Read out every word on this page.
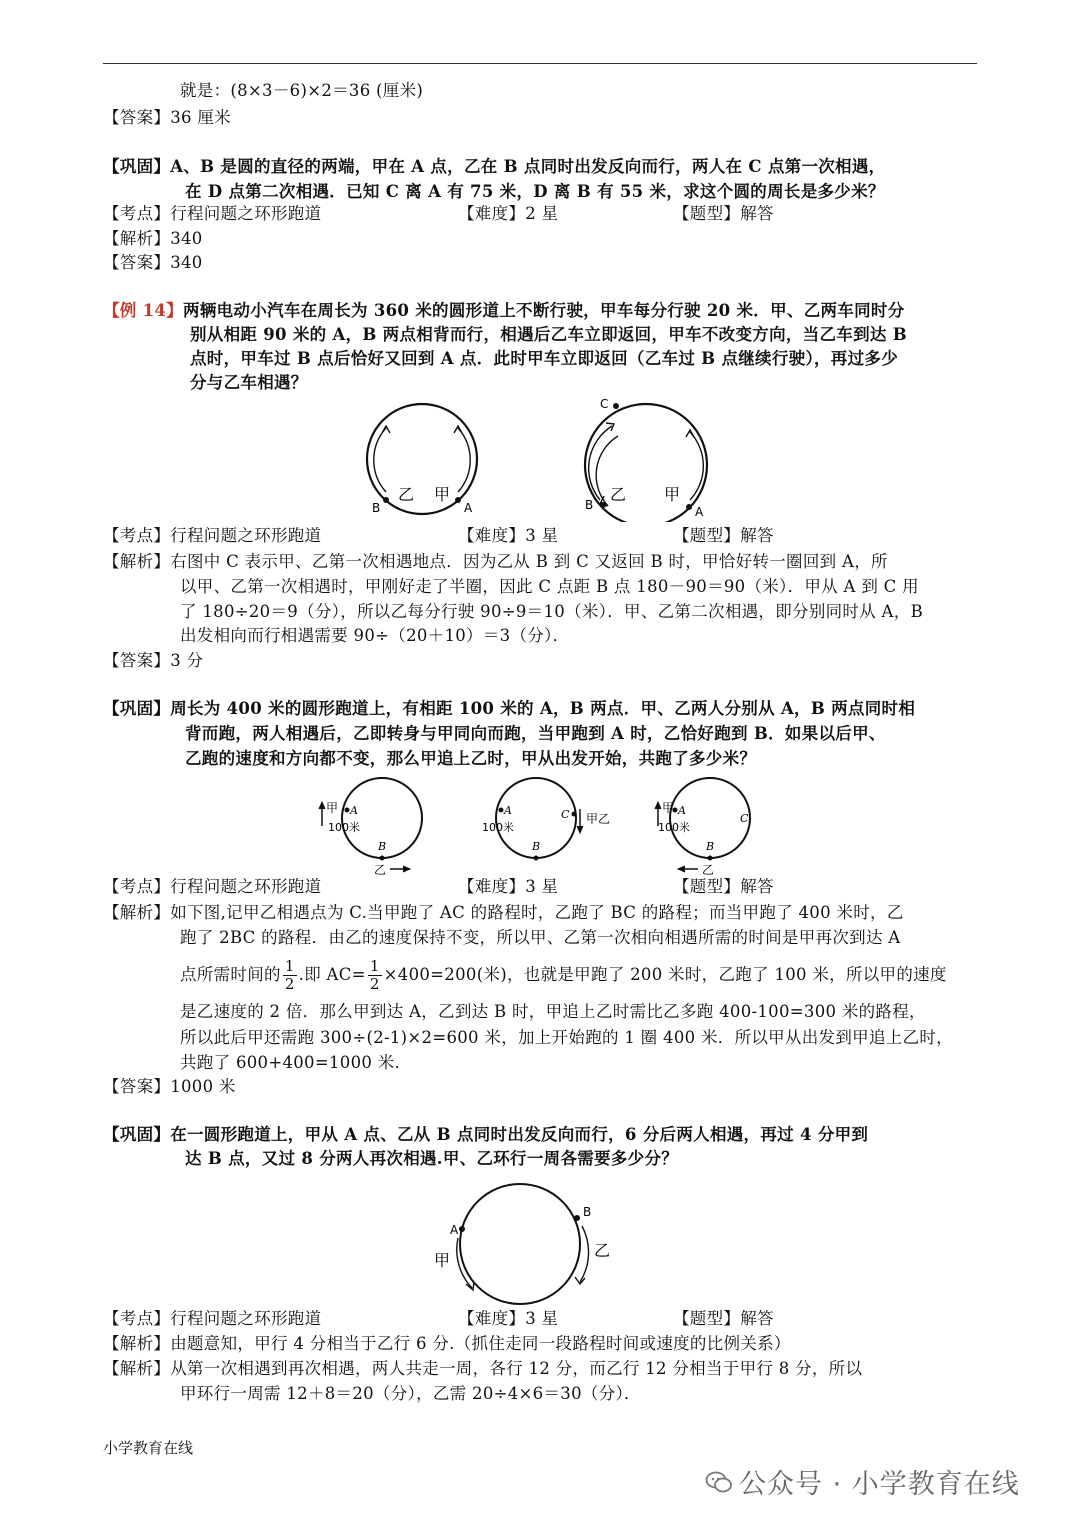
就是：(8×3－6)×2＝36 (厘米)
【答案】36 厘米
【巩固】A、B 是圆的直径的两端，甲在 A 点，乙在 B 点同时出发反向而行，两人在 C 点第一次相遇，
在 D 点第二次相遇．已知 C 离 A 有 75 米，D 离 B 有 55 米，求这个圆的周长是多少米？
【考点】行程问题之环形跑道	【难度】2 星	【题型】解答
【解析】340
【答案】340
【例 14】两辆电动小汽车在周长为 360 米的圆形道上不断行驶，甲车每分行驶 20 米．甲、乙两车同时分
别从相距 90 米的 A，B 两点相背而行，相遇后乙车立即返回，甲车不改变方向，当乙车到达 B
点时，甲车过 B 点后恰好又回到 A 点．此时甲车立即返回（乙车过 B 点继续行驶），再过多少
分与乙车相遇？
B	A
乙 甲
C
B	A
乙 甲
【考点】行程问题之环形跑道	【难度】3 星	【题型】解答
【解析】右图中 C 表示甲、乙第一次相遇地点．因为乙从 B 到 C 又返回 B 时，甲恰好转一圈回到 A，所
以甲、乙第一次相遇时，甲刚好走了半圈，因此 C 点距 B 点 180－90＝90（米）．甲从 A 到 C 用
了 180÷20＝9（分），所以乙每分行驶 90÷9＝10（米）．甲、乙第二次相遇，即分别同时从 A，B
出发相向而行相遇需要 90÷（20＋10）＝3（分）．
【答案】3 分
【巩固】周长为 400 米的圆形跑道上，有相距 100 米的 A，B 两点．甲、乙两人分别从 A，B 两点同时相
背而跑，两人相遇后，乙即转身与甲同向而跑，当甲跑到 A 时，乙恰好跑到 B．如果以后甲、
乙跑的速度和方向都不变，那么甲追上乙时，甲从出发开始，共跑了多少米？
甲 A
100米
B
乙
A
100米
B
C 甲 乙
甲 A
100米
B
C
乙
【考点】行程问题之环形跑道	【难度】3 星	【题型】解答
【解析】如下图,记甲乙相遇点为 C.当甲跑了 AC 的路程时，乙跑了 BC 的路程；而当甲跑了 400 米时，乙
跑了 2BC 的路程．由乙的速度保持不变，所以甲、乙第一次相向相遇所需的时间是甲再次到达 A
点所需时间的 $\frac{1}{2}$ .即 $AC= \frac{1}{2} \times 400=200$(米)，也就是甲跑了 200 米时，乙跑了 100 米，所以甲的速度
是乙速度的 2 倍．那么甲到达 A，乙到达 B 时，甲追上乙时需比乙多跑 400-100=300 米的路程，
所以此后甲还需跑 300÷(2-1)×2=600 米，加上开始跑的 1 圈 400 米．所以甲从出发到甲追上乙时，
共跑了 600+400=1000 米．
【答案】1000 米
【巩固】在一圆形跑道上，甲从 A 点、乙从 B 点同时出发反向而行，6 分后两人相遇，再过 4 分甲到
达 B 点，又过 8 分两人再次相遇.甲、乙环行一周各需要多少分？
A
B
甲
乙
【考点】行程问题之环形跑道	【难度】3 星	【题型】解答
【解析】由题意知，甲行 4 分相当于乙行 6 分.（抓住走同一段路程时间或速度的比例关系）
【解析】从第一次相遇到再次相遇，两人共走一周，各行 12 分，而乙行 12 分相当于甲行 8 分，所以
甲环行一周需 12＋8＝20（分），乙需 20÷4×6＝30（分）．
小学教育在线
公众号 · 小学教育在线
